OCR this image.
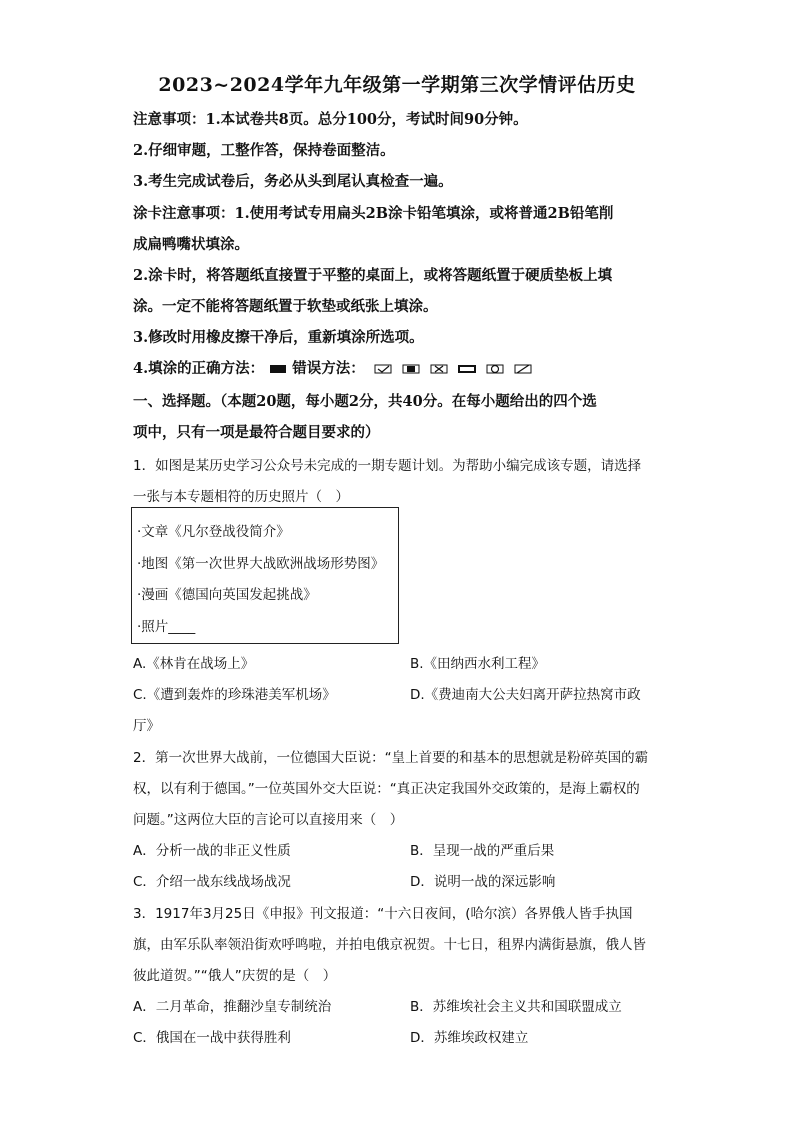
2023~2024学年九年级第一学期第三次学情评估历史
注意事项：1.本试卷共8页。总分100分，考试时间90分钟。
2.仔细审题，工整作答，保持卷面整洁。
3.考生完成试卷后，务必从头到尾认真检查一遍。
涂卡注意事项：1.使用考试专用扁头2B涂卡铅笔填涂，或将普通2B铅笔削
成扁鸭嘴状填涂。
2.涂卡时，将答题纸直接置于平整的桌面上，或将答题纸置于硬质垫板上填
涂。一定不能将答题纸置于软垫或纸张上填涂。
3.修改时用橡皮擦干净后，重新填涂所选项。
4.填涂的正确方法： 错误方法：
一、选择题。（本题20题，每小题2分，共40分。在每小题给出的四个选
项中，只有一项是最符合题目要求的）
1．如图是某历史学习公众号未完成的一期专题计划。为帮助小编完成该专题，请选择
一张与本专题相符的历史照片（　）
·文章《凡尔登战役简介》
·地图《第一次世界大战欧洲战场形势图》
·漫画《德国向英国发起挑战》
·照片____
A.《林肯在战场上》	B.《田纳西水利工程》
C.《遭到轰炸的珍珠港美军机场》	D.《费迪南大公夫妇离开萨拉热窝市政
厅》
2．第一次世界大战前，一位德国大臣说：“皇上首要的和基本的思想就是粉碎英国的霸
权，以有利于德国。”一位英国外交大臣说：“真正决定我国外交政策的，是海上霸权的
问题。”这两位大臣的言论可以直接用来（　）
A．分析一战的非正义性质	B．呈现一战的严重后果
C．介绍一战东线战场战况	D．说明一战的深远影响
3．1917年3月25日《申报》刊文报道：“十六日夜间，(哈尔滨）各界俄人皆手执国
旗，由军乐队率领沿街欢呼鸣啦，并拍电俄京祝贺。十七日，租界内满街悬旗，俄人皆
彼此道贺。”“俄人”庆贺的是（　）
A．二月革命，推翻沙皇专制统治	B．苏维埃社会主义共和国联盟成立
C．俄国在一战中获得胜利	D．苏维埃政权建立
